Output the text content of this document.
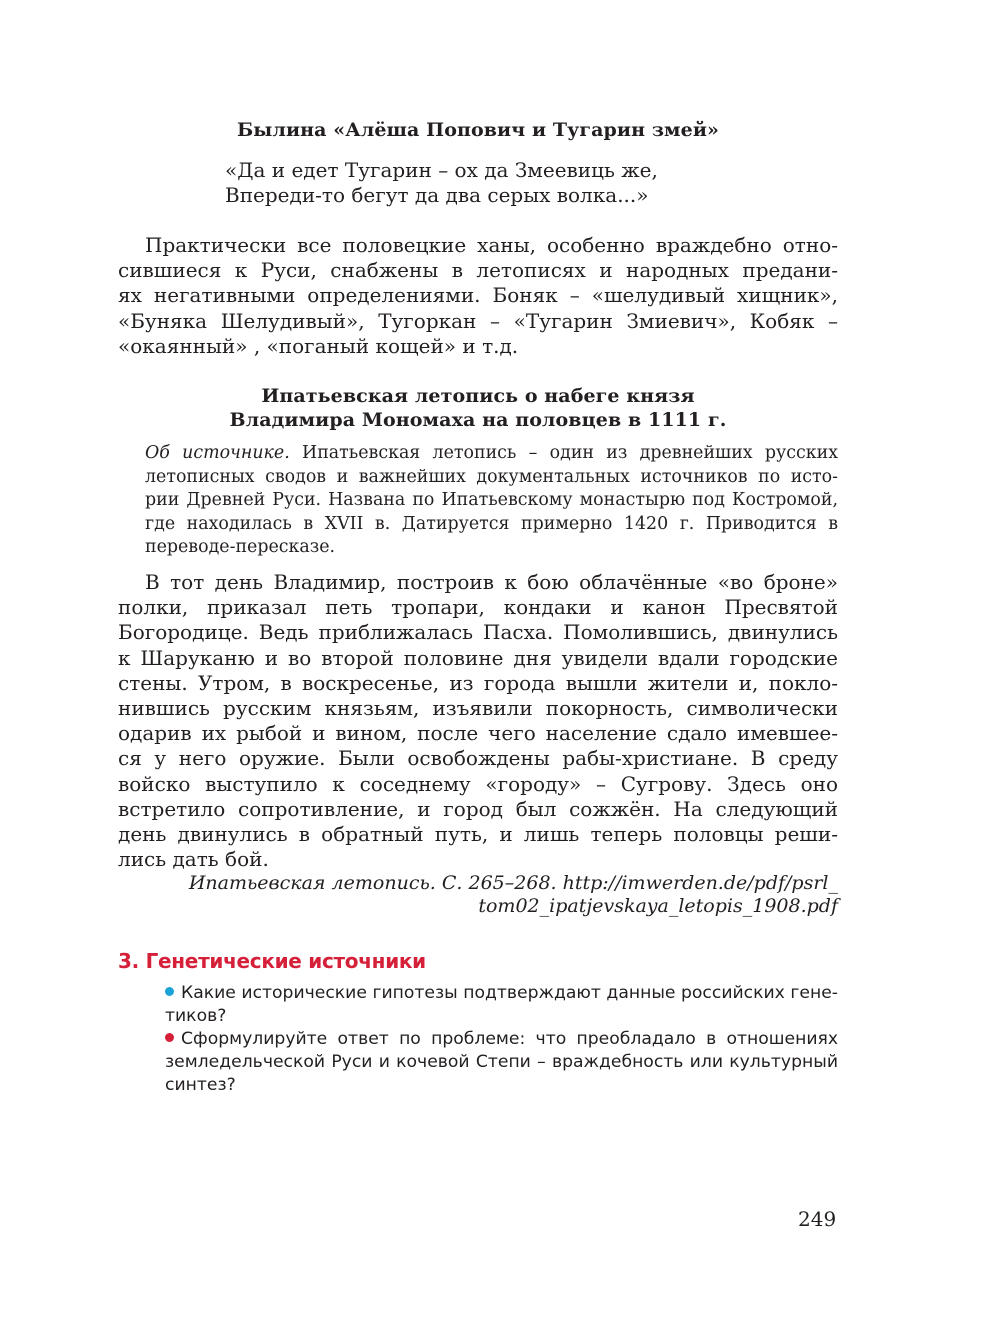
Былина «Алёша Попович и Тугарин змей»
«Да и едет Тугарин – ох да Змеевиць же,
Впереди-то бегут да два серых волка...»
Практически все половецкие ханы, особенно враждебно отно-
сившиеся к Руси, снабжены в летописях и народных предани-
ях негативными определениями. Боняк – «шелудивый хищник»,
«Буняка Шелудивый», Тугоркан – «Тугарин Змиевич», Кобяк –
«окаянный» , «поганый кощей» и т.д.
Ипатьевская летопись о набеге князя
Владимира Мономаха на половцев в 1111 г.
Об источнике. Ипатьевская летопись – один из древнейших русских
летописных сводов и важнейших документальных источников по исто-
рии Древней Руси. Названа по Ипатьевскому монастырю под Костромой,
где находилась в XVII в. Датируется примерно 1420 г. Приводится в
переводе-пересказе.
В тот день Владимир, построив к бою облачённые «во броне»
полки, приказал петь тропари, кондаки и канон Пресвятой
Богородице. Ведь приближалась Пасха. Помолившись, двинулись
к Шаруканю и во второй половине дня увидели вдали городские
стены. Утром, в воскресенье, из города вышли жители и, покло-
нившись русским князьям, изъявили покорность, символически
одарив их рыбой и вином, после чего население сдало имевшее-
ся у него оружие. Были освобождены рабы-христиане. В среду
войско выступило к соседнему «городу» – Сугрову. Здесь оно
встретило сопротивление, и город был сожжён. На следующий
день двинулись в обратный путь, и лишь теперь половцы реши-
лись дать бой.
Ипатьевская летопись. С. 265–268. http://imwerden.de/pdf/psrl_
tom02_ipatjevskaya_letopis_1908.pdf
3. Генетические источники
Какие исторические гипотезы подтверждают данные российских гене-
тиков?
Сформулируйте ответ по проблеме: что преобладало в отношениях
земледельческой Руси и кочевой Степи – враждебность или культурный
синтез?
249
